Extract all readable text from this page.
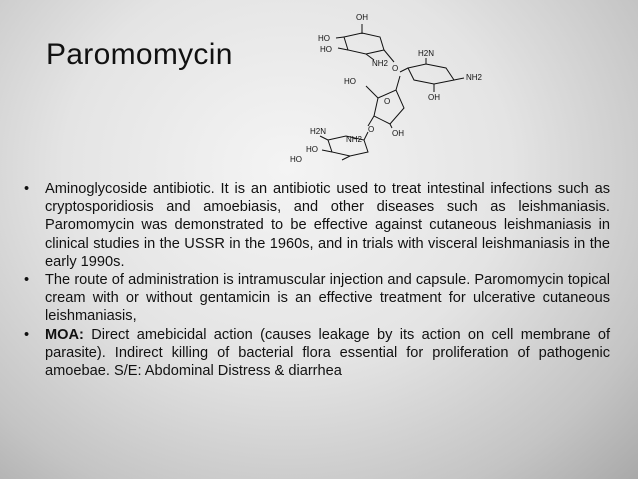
Paromomycin
OH
HO
HO
NH2
O
H2N
NH2
OH
HO
O
O OH
H2N
NH2
HO
HO
•	Aminoglycoside antibiotic. It is an antibiotic used to treat intestinal infections such as cryptosporidiosis and amoebiasis, and other diseases such as leishmaniasis. Paromomycin was demonstrated to be effective against cutaneous leishmaniasis in clinical studies in the USSR in the 1960s, and in trials with visceral leishmaniasis in the early 1990s.
•	The route of administration is intramuscular injection and capsule. Paromomycin topical cream with or without gentamicin is an effective treatment for ulcerative cutaneous leishmaniasis,
•	MOA: Direct amebicidal action (causes leakage by its action on cell membrane of parasite). Indirect killing of bacterial flora essential for proliferation of pathogenic amoebae. S/E: Abdominal Distress & diarrhea
